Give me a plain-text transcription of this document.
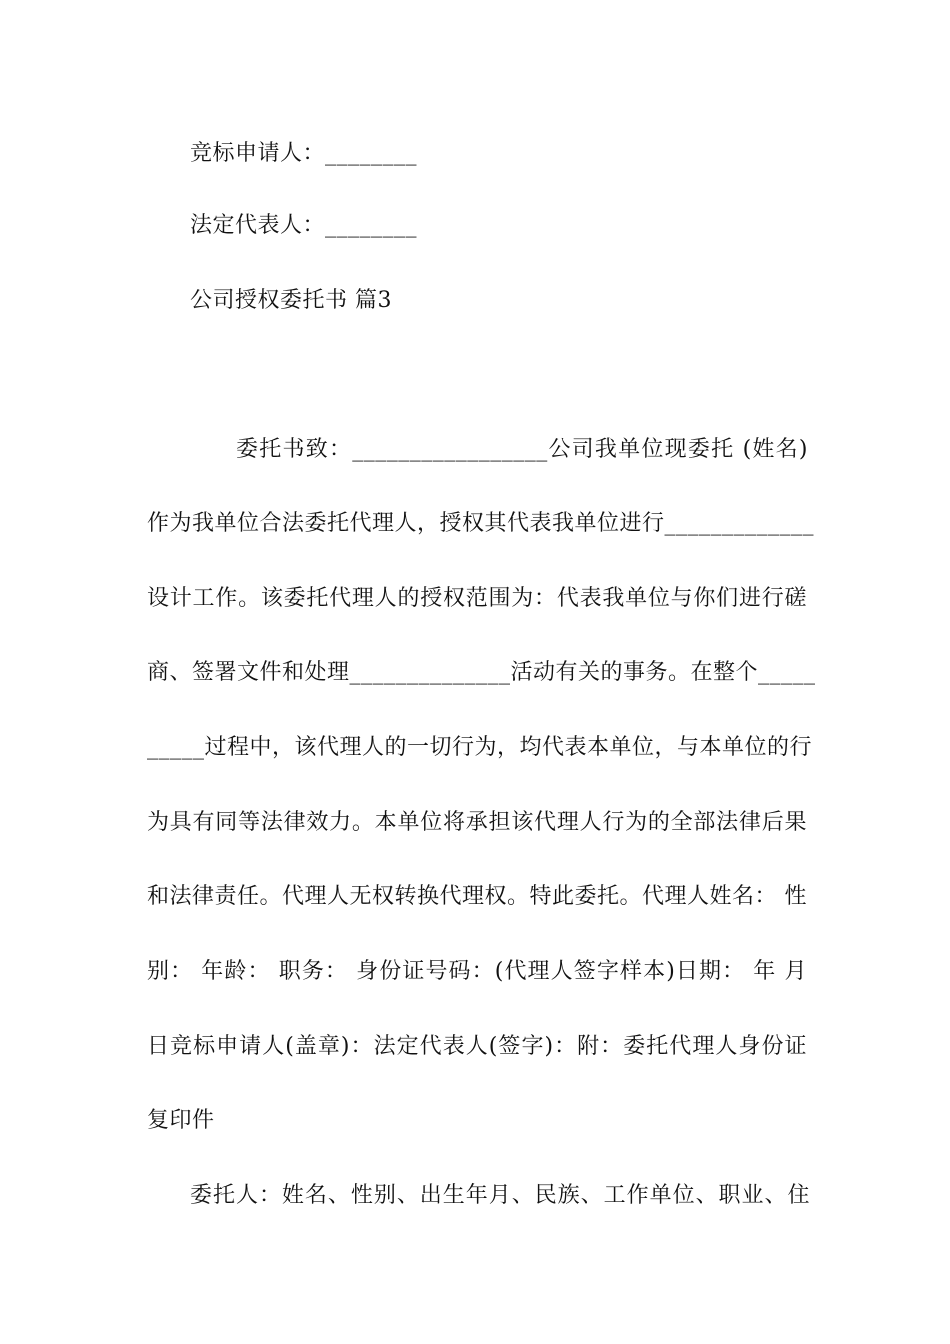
竞标申请人：________
法定代表人：________
公司授权委托书 篇3
委托书致：_________________公司我单位现委托 (姓名)
作为我单位合法委托代理人，授权其代表我单位进行_____________
设计工作。该委托代理人的授权范围为：代表我单位与你们进行磋
商、签署文件和处理______________活动有关的事务。在整个_____
_____过程中，该代理人的一切行为，均代表本单位，与本单位的行
为具有同等法律效力。本单位将承担该代理人行为的全部法律后果
和法律责任。代理人无权转换代理权。特此委托。代理人姓名： 性
别： 年龄： 职务： 身份证号码：(代理人签字样本)日期： 年 月
日竞标申请人(盖章)：法定代表人(签字)：附：委托代理人身份证
复印件
委托人：姓名、性别、出生年月、民族、工作单位、职业、住
